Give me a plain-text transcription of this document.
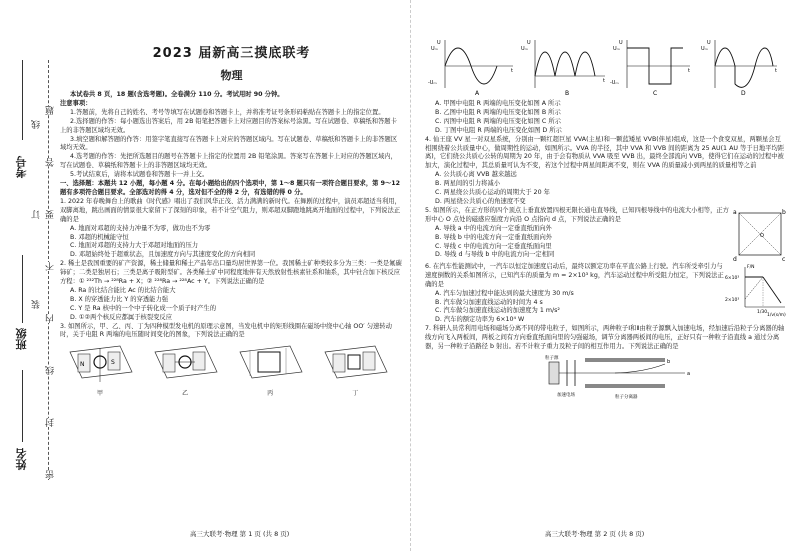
姓名
班级
考号
密
封
线
内
不
要
答
题
装
订
线
2023 届新高三摸底联考
物理

本试卷共 8 页，18 题(含选考题)。全卷满分 110 分。考试用时 90 分钟。

注意事项：

1.答题前，先将自己的姓名、考号等填写在试题卷和答题卡上，并将准考证号条形码粘贴在答题卡上的指定位置。

2.选择题的作答：每小题选出答案后，用 2B 铅笔把答题卡上对应题目的答案标号涂黑。写在试题卷、草稿纸和答题卡上的非答题区域均无效。

3.填空题和解答题的作答：用签字笔直接写在答题卡上对应的答题区域内。写在试题卷、草稿纸和答题卡上的非答题区域均无效。

4.选考题的作答：先把所选题目的题号在答题卡上指定的位置用 2B 铅笔涂黑。答案写在答题卡上对应的答题区域内，写在试题卷、草稿纸和答题卡上的非答题区域均无效。

5.考试结束后，请将本试题卷和答题卡一并上交。

一、选择题：本题共 12 小题，每小题 4 分。在每小题给出的四个选项中，第 1～8 题只有一项符合题目要求，第 9～12 题有多项符合题目要求。全部选对的得 4 分，选对但不全的得 2 分，有选错的得 0 分。

1. 2022 年春晚舞台上的歌曲《时代感》唱出了我们风华正茂、活力满满的新时代。在舞剧的过程中，演员邓超适当利用，双脚离地，跳出画面的情景很大家留下了深刻的印象，若不计空气阻力，则邓超双脚蹬地跳离开地面的过程中，下列说法正确的是

A. 地面对邓超的支持力冲量不为零，做功也不为零

B. 邓超的机械能守恒

C. 地面对邓超的支持力大于邓超对地面的压力

D. 邓超始终处于超重状态，且加速度方向与其速度变化的方向相同

2. 稀土是我国重要的矿产资源，稀土储量和稀土产品年出口量均居世界第一位。我国稀土矿种类较多分为三类：一类是氟碳铈矿；二类是独居石；三类是离子吸附型矿。各类稀土矿中同程度地伴有天然放射性核素钍系和铀系，其中钍合加下核反应方程：① ²³²Th → ²²⁸Ra + X；② ²²⁸Ra → ²²⁸Ac + Y。下列说法正确的是

A. Ra 的比结合能比 Ac 的比结合能大

B. X 的穿透能力比 Y 的穿透能力强

C. Y 是 Ra 核中的一个中子转化成一个质子时产生的

D. ①②两个核反应都属于核裂变反应

3. 如图所示，甲、乙、丙、丁为四种模型发电机的原理示意图，当发电机中的矩形线圈在磁场中绕中心轴 OO′ 匀速转动时，关于电阻 R 两端的电压随时间变化的图象，下列说法正确的是

N	S

甲	乙	丙	丁
高三大联考·物理 第 1 页 (共 8 页)
U
Uₘ
-Uₘ
t
A
U
Uₘ
t
B
U
Uₘ
-Uₘ
t
C
U
Uₘ
t
D

A. 甲图中电阻 R 两端的电压变化如图 A 所示

B. 乙图中电阻 R 两端的电压变化如图 B 所示

C. 丙图中电阻 R 两端的电压变化如图 C 所示

D. 丁图中电阻 R 两端的电压变化如图 D 所示

4. 仙王座 VV 星一对双星系统，分别由一颗红超巨星 VVA(主星)和一颗蓝矮星 VVB(伴星)组成，这是一个食变双星，两颗星会互相围绕着公共质量中心，做周期性的运动，如图所示。VVA 的半径，其中 VVA 和 VVB 间的距离为 25 AU(1 AU 等于日地平均距离)，它们绕公共质心公转的周期为 20 年，由于会有物质从 VVA 吸至 VVB 出，最终全部流向 VVB，使得它们在运动的过程中被加大，演化过程中，其总质量可认为不变，若这个过程中两星间距离不变，则在 VVA 的质量减小到两星的质量相等之前

A. 公共质心离 VVB 越来越远

B. 两星间的引力将减小

C. 两星绕公共质心运动的周期大于 20 年

D. 两星绕公共质心的角速度不变

5. 如图所示，在正方形的四个顶点上垂直放置四根无限长通电直导线，已知四根导线中的电流大小相等，正方形中心 O 点处的磁感应强度方向沿 O 点指向 d 点，下列说法正确的是

A. 导线 a 中的电流方向一定垂直纸面向外

B. 导线 b 中的电流方向一定垂直纸面向外

C. 导线 c 中的电流方向一定垂直纸面向里

D. 导线 d 与导线 b 中的电流方向一定相同

a	b
c
d
O

6. 在汽车性能测试中，一汽车以恒定加速度启动后，最终以额定功率在平直公路上行驶。汽车所受牵引力与速度倒数的关系如图所示，已知汽车的质量为 m = 2×10³ kg，汽车运动过程中所受阻力恒定，下列说法正确的是

A. 汽车匀加速过程中能达到的最大速度为 30 m/s

B. 汽车做匀加速直线运动的时间为 4 s

C. 汽车做匀加速直线运动的加速度为 1 m/s²

D. 汽车的额定功率为 6×10⁴ W

6×10³
2×10³
1/30
F/N
1/v(s/m)

7. 科研人员常利用电场和磁场分离不同的带电粒子，如图所示，两种粒子Ⅰ和Ⅱ由粒子源飘入加速电场，经加速后沿粒子分离器的轴线方向飞入两板间，两板之间有方向垂直纸面向里的匀强磁场，调节分离器两板间的电压，正好只有一种粒子沿直线 a 通过分离器，另一种粒子沿路径 b 射出。若不计粒子重力及粒子间的相互作用力。下列说法正确的是

a
b
粒子源
加速电场	粒子分离器
高三大联考·物理 第 2 页 (共 8 页)
